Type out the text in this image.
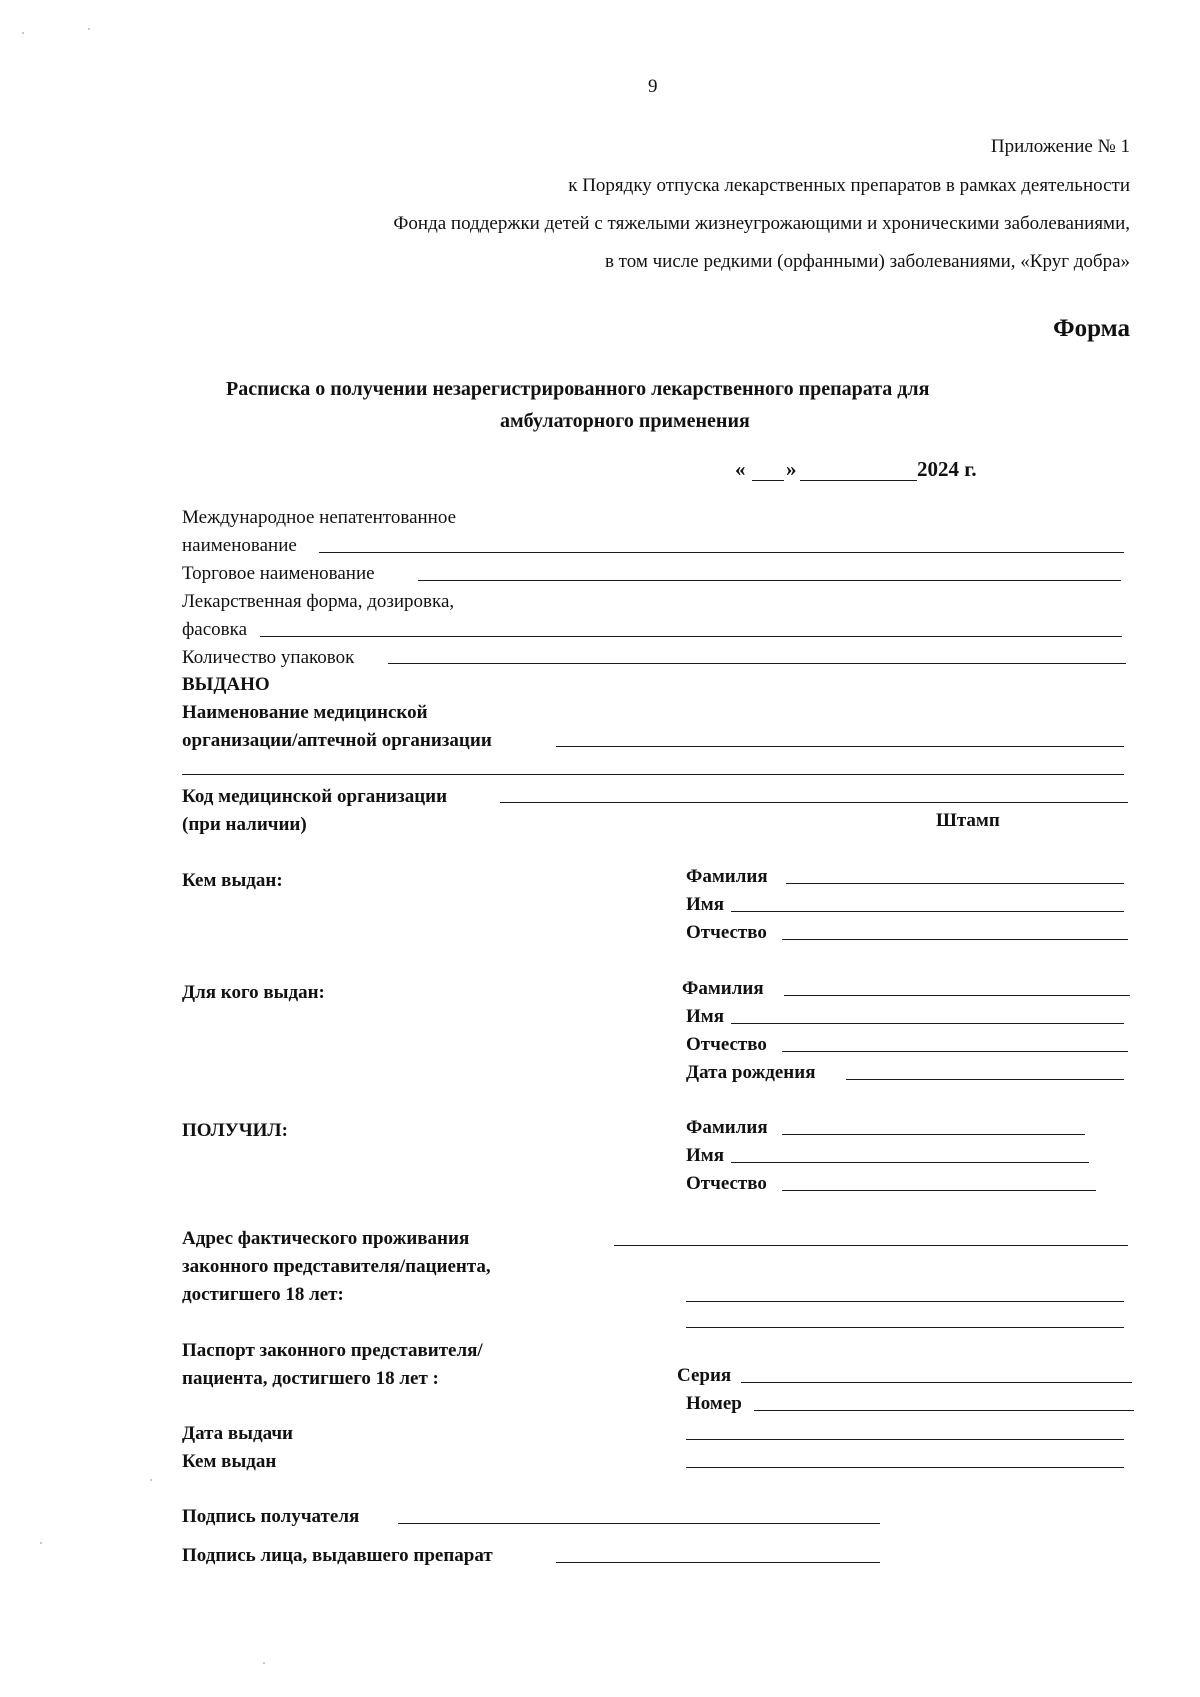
9
Приложение № 1
к Порядку отпуска лекарственных препаратов в рамках деятельности
Фонда поддержки детей с тяжелыми жизнеугрожающими и хроническими заболеваниями,
в том числе редкими (орфанными) заболеваниями, «Круг добра»
Форма
Расписка о получении незарегистрированного лекарственного препарата для
амбулаторного применения
« »	2024 г.
Международное непатентованное
наименование
Торговое наименование
Лекарственная форма, дозировка,
фасовка
Количество упаковок
ВЫДАНО
Наименование медицинской
организации/аптечной организации
Код медицинской организации
(при наличии)	Штамп
Кем выдан:	Фамилия
Имя
Отчество
Для кого выдан:	Фамилия
Имя
Отчество
Дата рождения
ПОЛУЧИЛ:	Фамилия
Имя
Отчество
Адрес фактического проживания
законного представителя/пациента,
достигшего 18 лет:
Паспорт законного представителя/
пациента, достигшего 18 лет :	Серия
Номер
Дата выдачи
Кем выдан
Подпись получателя
Подпись лица, выдавшего препарат
